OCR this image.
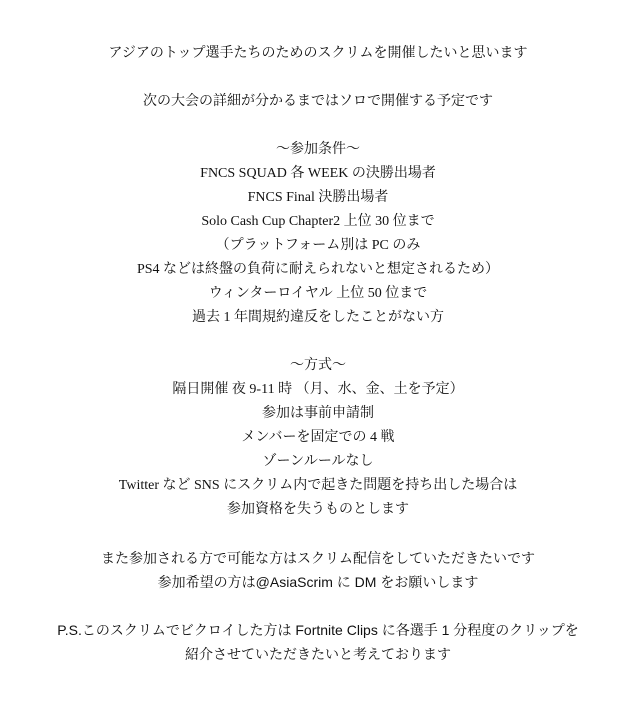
アジアのトップ選手たちのためのスクリムを開催したいと思います
次の大会の詳細が分かるまではソロで開催する予定です
〜参加条件〜
FNCS SQUAD 各 WEEK の決勝出場者
FNCS Final 決勝出場者
Solo Cash Cup Chapter2 上位 30 位まで
（プラットフォーム別は PC のみ
PS4 などは終盤の負荷に耐えられないと想定されるため）
ウィンターロイヤル 上位 50 位まで
過去 1 年間規約違反をしたことがない方
〜方式〜
隔日開催 夜 9-11 時 （月、水、金、土を予定）
参加は事前申請制
メンバーを固定での 4 戦
ゾーンルールなし
Twitter など SNS にスクリム内で起きた問題を持ち出した場合は
参加資格を失うものとします
また参加される方で可能な方はスクリム配信をしていただきたいです
参加希望の方は@AsiaScrim に DM をお願いします
P.S.このスクリムでビクロイした方は Fortnite Clips に各選手 1 分程度のクリップを
紹介させていただきたいと考えております
